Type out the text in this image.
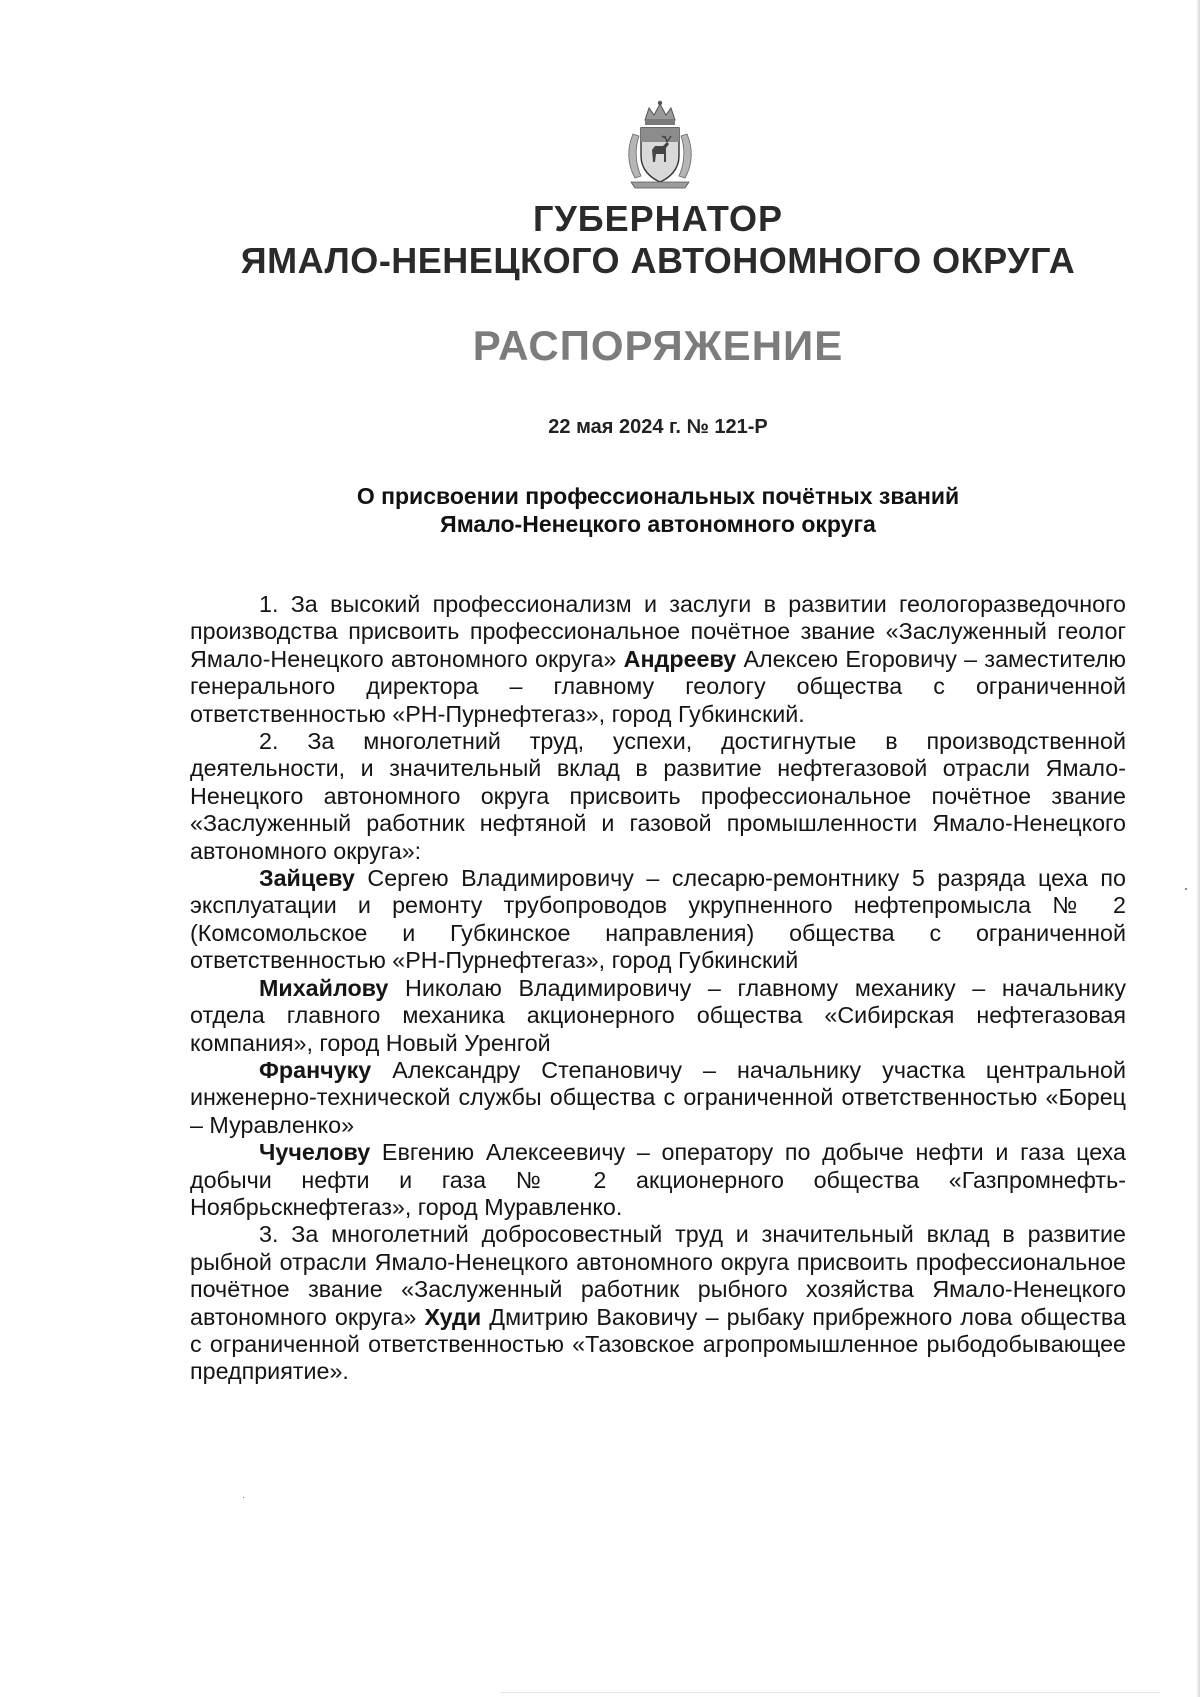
ГУБЕРНАТОР
ЯМАЛО-НЕНЕЦКОГО АВТОНОМНОГО ОКРУГА
РАСПОРЯЖЕНИЕ
22 мая 2024 г. № 121-Р
О присвоении профессиональных почётных званий
Ямало-Ненецкого автономного округа

1. За высокий профессионализм и заслуги в развитии геологоразведочного производства присвоить профессиональное почётное звание «Заслуженный геолог Ямало-Ненецкого автономного округа» Андрееву Алексею Егоровичу – заместителю генерального директора – главному геологу общества с ограниченной ответственностью «РН-Пурнефтегаз», город Губкинский.

2. За многолетний труд, успехи, достигнутые в производственной деятельности, и значительный вклад в развитие нефтегазовой отрасли Ямало-Ненецкого автономного округа присвоить профессиональное почётное звание «Заслуженный работник нефтяной и газовой промышленности Ямало-Ненецкого автономного округа»:

Зайцеву Сергею Владимировичу – слесарю-ремонтнику 5 разряда цеха по эксплуатации и ремонту трубопроводов укрупненного нефтепромысла № 2 (Комсомольское и Губкинское направления) общества с ограниченной ответственностью «РН-Пурнефтегаз», город Губкинский

Михайлову Николаю Владимировичу – главному механику – начальнику отдела главного механика акционерного общества «Сибирская нефтегазовая компания», город Новый Уренгой

Франчуку Александру Степановичу – начальнику участка центральной инженерно-технической службы общества с ограниченной ответственностью «Борец – Муравленко»

Чучелову Евгению Алексеевичу – оператору по добыче нефти и газа цеха добычи нефти и газа № 2 акционерного общества «Газпромнефть-Ноябрьскнефтегаз», город Муравленко.

3. За многолетний добросовестный труд и значительный вклад в развитие рыбной отрасли Ямало-Ненецкого автономного округа присвоить профессиональное почётное звание «Заслуженный работник рыбного хозяйства Ямало-Ненецкого автономного округа» Худи Дмитрию Ваковичу – рыбаку прибрежного лова общества с ограниченной ответственностью «Тазовское агропромышленное рыбодобывающее предприятие».
